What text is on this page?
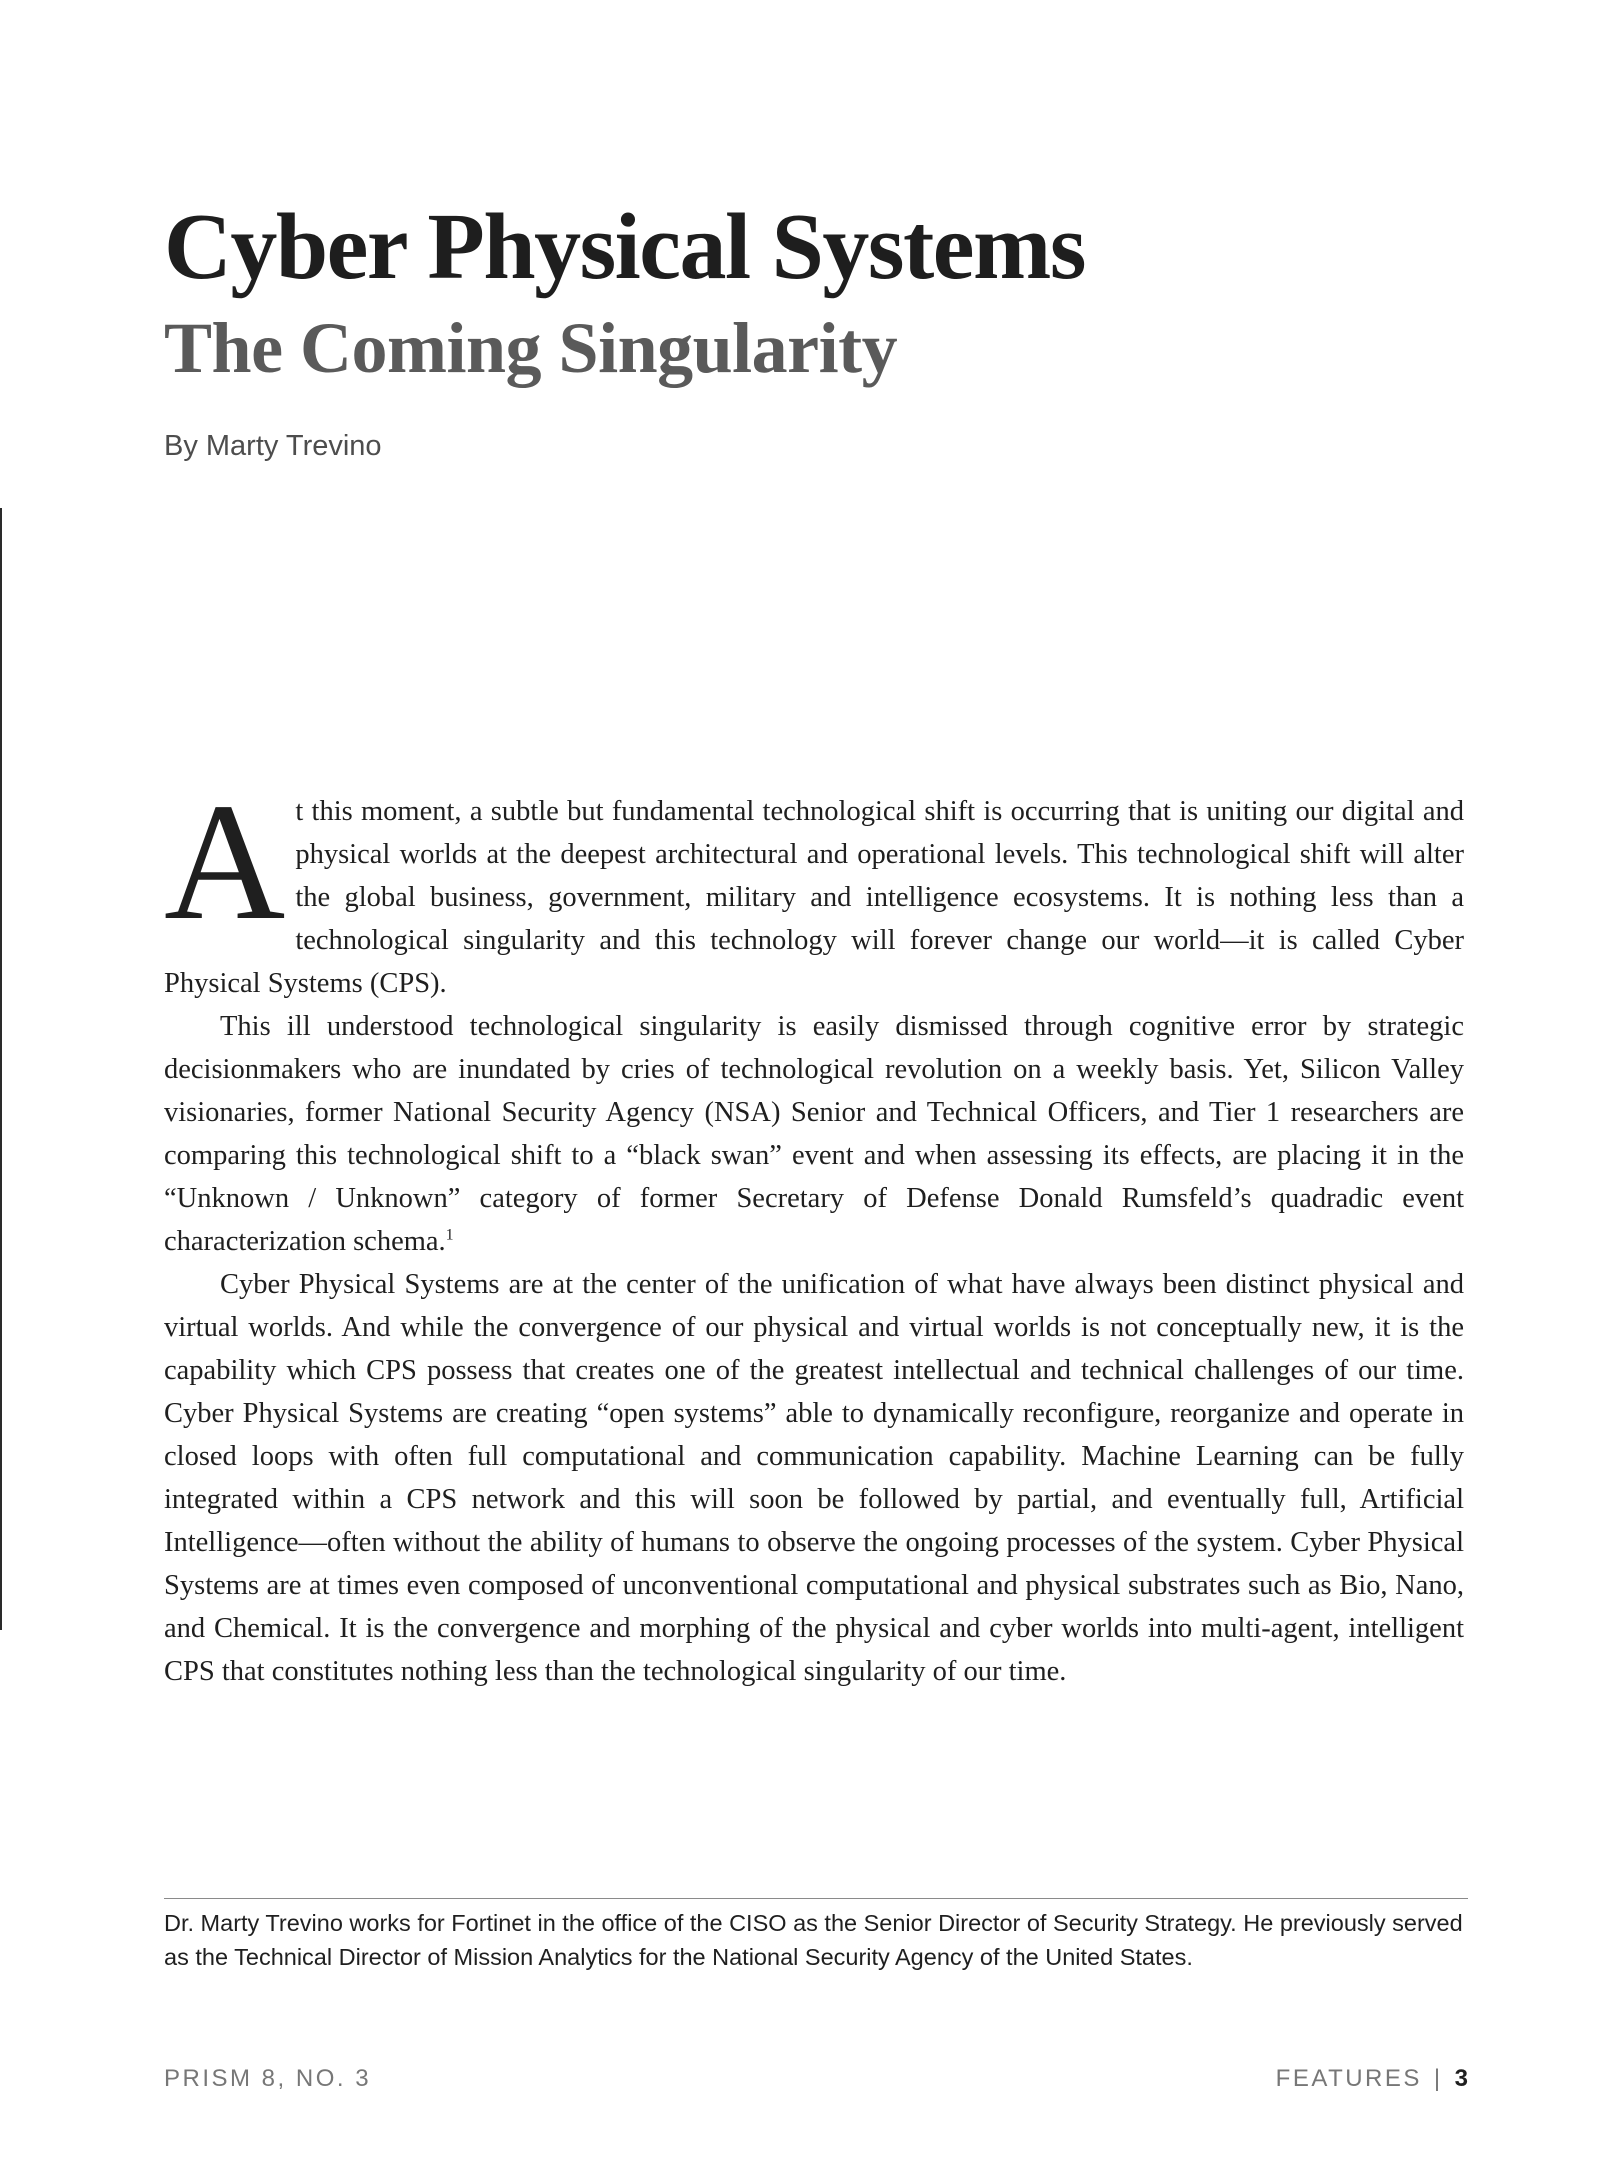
Cyber Physical Systems
The Coming Singularity
By Marty Trevino

At this moment, a subtle but fundamental technological shift is occurring that is uniting our digital and physical worlds at the deepest architectural and operational levels. This technological shift will alter the global business, government, military and intelligence ecosystems. It is nothing less than a technological singularity and this technology will forever change our world—it is called Cyber Physical Systems (CPS).

This ill understood technological singularity is easily dismissed through cognitive error by strategic decisionmakers who are inundated by cries of technological revolution on a weekly basis. Yet, Silicon Valley visionaries, former National Security Agency (NSA) Senior and Technical Officers, and Tier 1 researchers are comparing this technological shift to a “black swan” event and when assessing its effects, are placing it in the “Unknown / Unknown” category of former Secretary of Defense Donald Rumsfeld’s quadradic event characterization schema.$^1$

Cyber Physical Systems are at the center of the unification of what have always been distinct physical and virtual worlds. And while the convergence of our physical and virtual worlds is not conceptually new, it is the capability which CPS possess that creates one of the greatest intellectual and technical challenges of our time. Cyber Physical Systems are creating “open systems” able to dynamically reconfigure, reorganize and operate in closed loops with often full computational and communication capability. Machine Learning can be fully integrated within a CPS network and this will soon be followed by partial, and eventually full, Artificial Intelligence—often without the ability of humans to observe the ongoing processes of the system. Cyber Physical Systems are at times even composed of unconventional computational and physical substrates such as Bio, Nano, and Chemical. It is the convergence and morphing of the physical and cyber worlds into multi-agent, intelligent CPS that constitutes nothing less than the technological singularity of our time.

Dr. Marty Trevino works for Fortinet in the office of the CISO as the Senior Director of Security Strategy. He previously served as the Technical Director of Mission Analytics for the National Security Agency of the United States.

PRISM 8, NO. 3	FEATURES | 3
